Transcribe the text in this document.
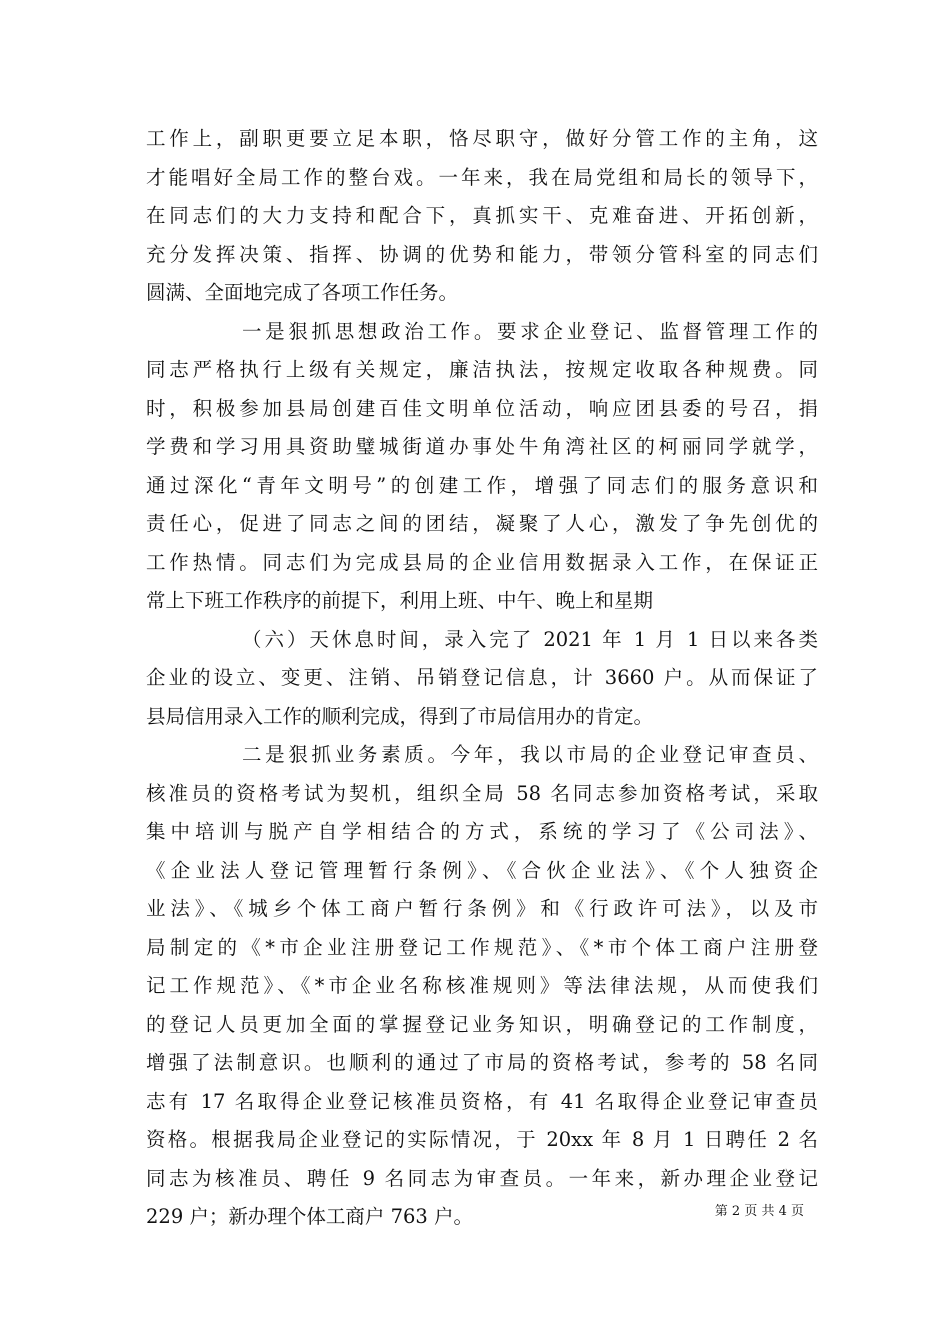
工作上，副职更要立足本职，恪尽职守，做好分管工作的主角，这
才能唱好全局工作的整台戏。一年来，我在局党组和局长的领导下，
在同志们的大力支持和配合下，真抓实干、克难奋进、开拓创新，
充分发挥决策、指挥、协调的优势和能力，带领分管科室的同志们
圆满、全面地完成了各项工作任务。
一是狠抓思想政治工作。要求企业登记、监督管理工作的
同志严格执行上级有关规定，廉洁执法，按规定收取各种规费。同
时，积极参加县局创建百佳文明单位活动，响应团县委的号召，捐
学费和学习用具资助璧城街道办事处牛角湾社区的柯丽同学就学，
通过深化“青年文明号”的创建工作，增强了同志们的服务意识和
责任心，促进了同志之间的团结，凝聚了人心，激发了争先创优的
工作热情。同志们为完成县局的企业信用数据录入工作，在保证正
常上下班工作秩序的前提下，利用上班、中午、晚上和星期
（六）天休息时间，录入完了 2021 年 1 月 1 日以来各类
企业的设立、变更、注销、吊销登记信息，计 3660 户。从而保证了
县局信用录入工作的顺利完成，得到了市局信用办的肯定。
二是狠抓业务素质。今年，我以市局的企业登记审查员、
核准员的资格考试为契机，组织全局 58 名同志参加资格考试，采取
集中培训与脱产自学相结合的方式，系统的学习了《公司法》、
《企业法人登记管理暂行条例》、《合伙企业法》、《个人独资企
业法》、《城乡个体工商户暂行条例》和《行政许可法》，以及市
局制定的《*市企业注册登记工作规范》、《*市个体工商户注册登
记工作规范》、《*市企业名称核准规则》等法律法规，从而使我们
的登记人员更加全面的掌握登记业务知识，明确登记的工作制度，
增强了法制意识。也顺利的通过了市局的资格考试，参考的 58 名同
志有 17 名取得企业登记核准员资格，有 41 名取得企业登记审查员
资格。根据我局企业登记的实际情况，于 20xx 年 8 月 1 日聘任 2 名
同志为核准员、聘任 9 名同志为审查员。一年来，新办理企业登记
229 户；新办理个体工商户 763 户。	第 2 页 共 4 页
